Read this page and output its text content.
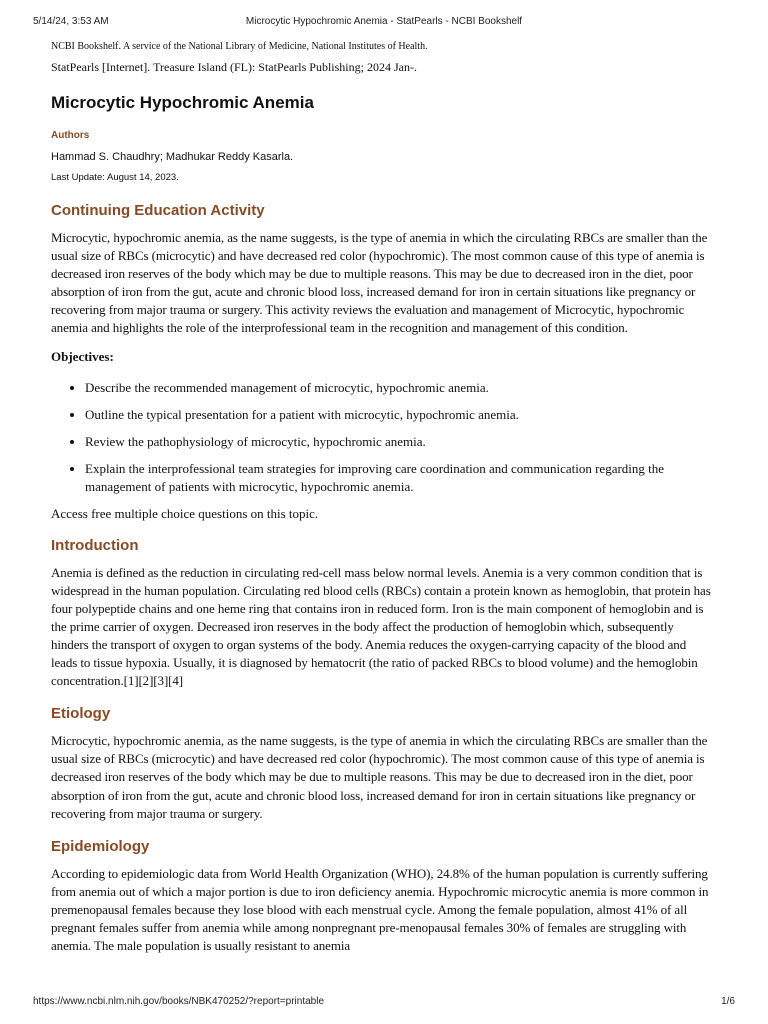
5/14/24, 3:53 AM	Microcytic Hypochromic Anemia - StatPearls - NCBI Bookshelf

NCBI Bookshelf. A service of the National Library of Medicine, National Institutes of Health.

StatPearls [Internet]. Treasure Island (FL): StatPearls Publishing; 2024 Jan-.

Microcytic Hypochromic Anemia
Authors
Hammad S. Chaudhry; Madhukar Reddy Kasarla.
Last Update: August 14, 2023.
Continuing Education Activity

Microcytic, hypochromic anemia, as the name suggests, is the type of anemia in which the circulating RBCs are smaller than the usual size of RBCs (microcytic) and have decreased red color (hypochromic). The most common cause of this type of anemia is decreased iron reserves of the body which may be due to multiple reasons. This may be due to decreased iron in the diet, poor absorption of iron from the gut, acute and chronic blood loss, increased demand for iron in certain situations like pregnancy or recovering from major trauma or surgery. This activity reviews the evaluation and management of Microcytic, hypochromic anemia and highlights the role of the interprofessional team in the recognition and management of this condition.

Objectives:

• Describe the recommended management of microcytic, hypochromic anemia.
• Outline the typical presentation for a patient with microcytic, hypochromic anemia.
• Review the pathophysiology of microcytic, hypochromic anemia.
• Explain the interprofessional team strategies for improving care coordination and communication regarding the management of patients with microcytic, hypochromic anemia.

Access free multiple choice questions on this topic.

Introduction

Anemia is defined as the reduction in circulating red-cell mass below normal levels. Anemia is a very common condition that is widespread in the human population. Circulating red blood cells (RBCs) contain a protein known as hemoglobin, that protein has four polypeptide chains and one heme ring that contains iron in reduced form. Iron is the main component of hemoglobin and is the prime carrier of oxygen. Decreased iron reserves in the body affect the production of hemoglobin which, subsequently hinders the transport of oxygen to organ systems of the body. Anemia reduces the oxygen-carrying capacity of the blood and leads to tissue hypoxia. Usually, it is diagnosed by hematocrit (the ratio of packed RBCs to blood volume) and the hemoglobin concentration.[1][2][3][4]

Etiology

Microcytic, hypochromic anemia, as the name suggests, is the type of anemia in which the circulating RBCs are smaller than the usual size of RBCs (microcytic) and have decreased red color (hypochromic). The most common cause of this type of anemia is decreased iron reserves of the body which may be due to multiple reasons. This may be due to decreased iron in the diet, poor absorption of iron from the gut, acute and chronic blood loss, increased demand for iron in certain situations like pregnancy or recovering from major trauma or surgery.

Epidemiology

According to epidemiologic data from World Health Organization (WHO), 24.8% of the human population is currently suffering from anemia out of which a major portion is due to iron deficiency anemia. Hypochromic microcytic anemia is more common in premenopausal females because they lose blood with each menstrual cycle. Among the female population, almost 41% of all pregnant females suffer from anemia while among nonpregnant pre-menopausal females 30% of females are struggling with anemia. The male population is usually resistant to anemia

https://www.ncbi.nlm.nih.gov/books/NBK470252/?report=printable	1/6
